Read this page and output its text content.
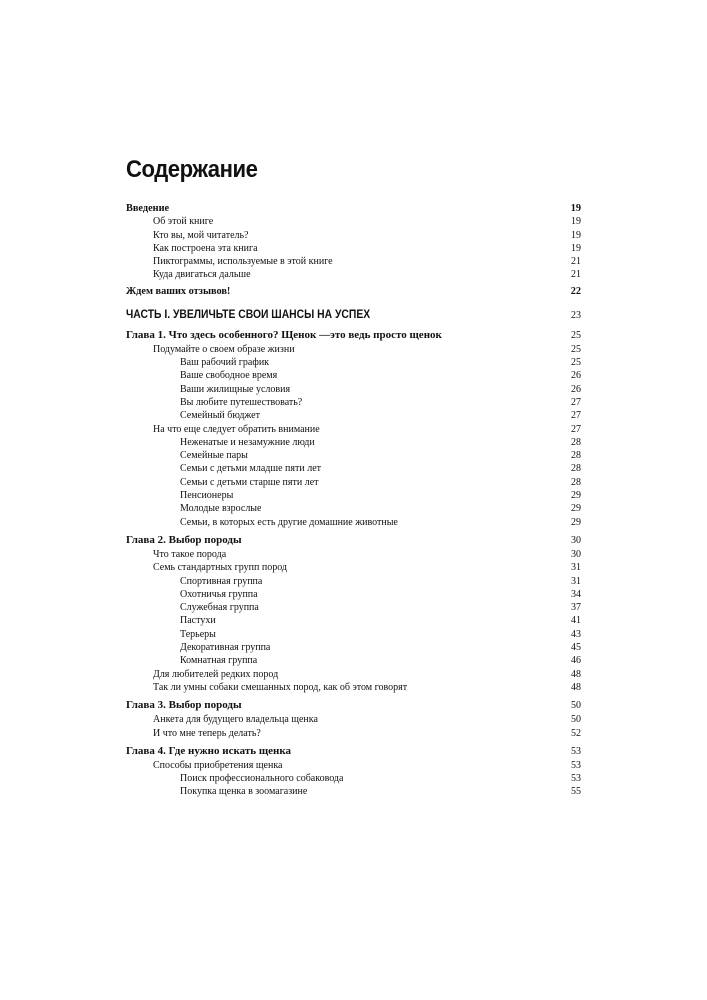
Содержание
Введение	19
Об этой книге	19
Кто вы, мой читатель?	19
Как построена эта книга	19
Пиктограммы, используемые в этой книге	21
Куда двигаться дальше	21
Ждем ваших отзывов!	22
ЧАСТЬ I. УВЕЛИЧЬТЕ СВОИ ШАНСЫ НА УСПЕХ	23
Глава 1. Что здесь особенного? Щенок —это ведь просто щенок	25
Подумайте о своем образе жизни	25
Ваш рабочий график	25
Ваше свободное время	26
Ваши жилищные условия	26
Вы любите путешествовать?	27
Семейный бюджет	27
На что еще следует обратить внимание	27
Неженатые и незамужние люди	28
Семейные пары	28
Семьи с детьми младше пяти лет	28
Семьи с детьми старше пяти лет	28
Пенсионеры	29
Молодые взрослые	29
Семьи, в которых есть другие домашние животные	29
Глава 2. Выбор породы	30
Что такое порода	30
Семь стандартных групп пород	31
Спортивная группа	31
Охотничья группа	34
Служебная группа	37
Пастухи	41
Терьеры	43
Декоративная группа	45
Комнатная группа	46
Для любителей редких пород	48
Так ли умны собаки смешанных пород, как об этом говорят	48
Глава 3. Выбор породы	50
Анкета для будущего владельца щенка	50
И что мне теперь делать?	52
Глава 4. Где нужно искать щенка	53
Способы приобретения щенка	53
Поиск профессионального собаковода	53
Покупка щенка в зоомагазине	55
